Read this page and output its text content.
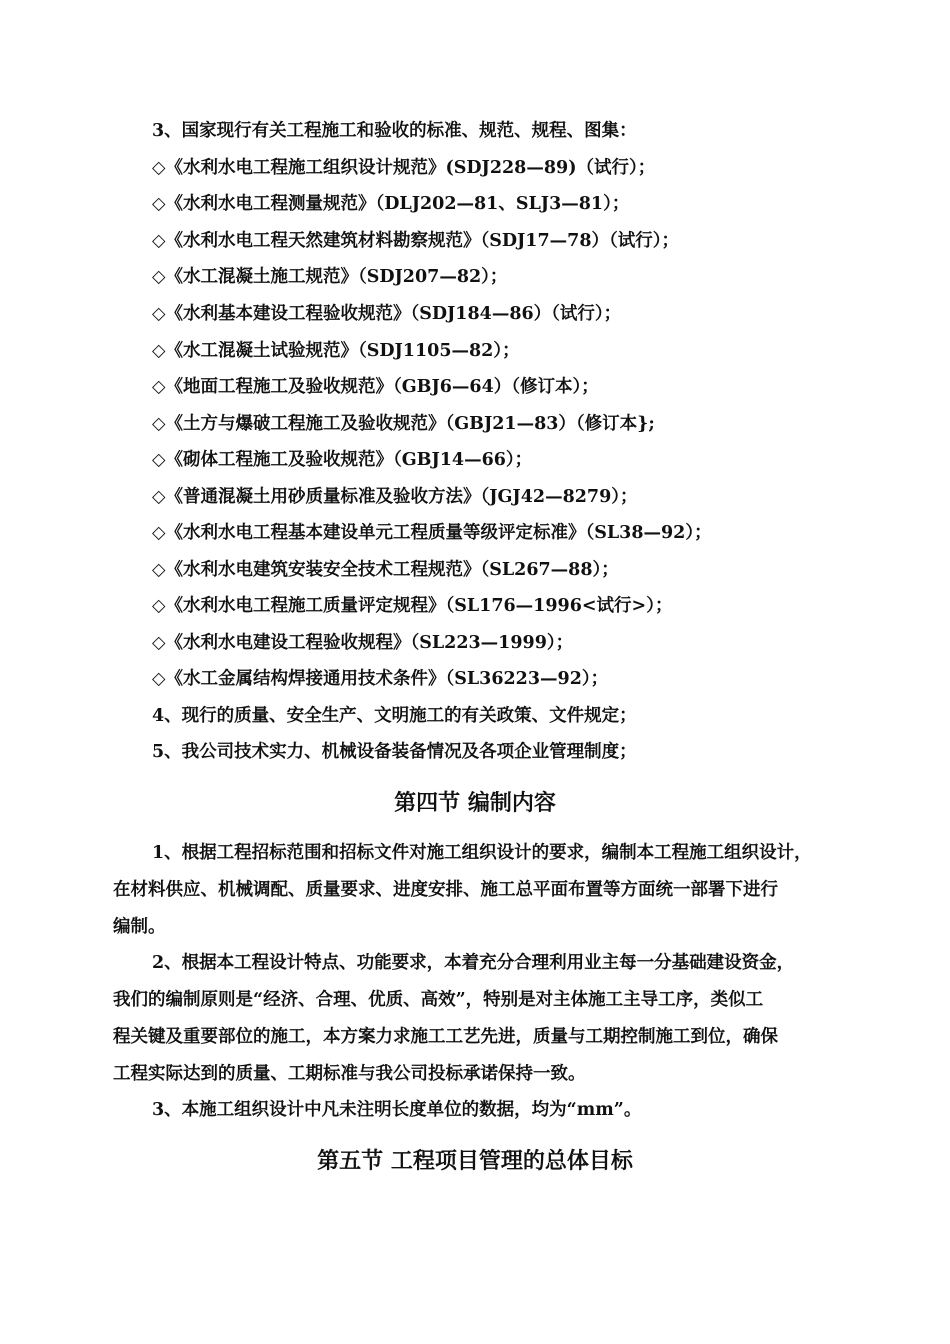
3、国家现行有关工程施工和验收的标准、规范、规程、图集：
◇《水利水电工程施工组织设计规范》(SDJ228—89)（试行）；
◇《水利水电工程测量规范》（DLJ202—81、SLJ3—81）；
◇《水利水电工程天然建筑材料勘察规范》（SDJ17—78）（试行）；
◇《水工混凝土施工规范》（SDJ207—82）；
◇《水利基本建设工程验收规范》（SDJ184—86）（试行）；
◇《水工混凝土试验规范》（SDJ1105—82）；
◇《地面工程施工及验收规范》（GBJ6—64）（修订本）；
◇《土方与爆破工程施工及验收规范》（GBJ21—83）（修订本};
◇《砌体工程施工及验收规范》（GBJ14—66）；
◇《普通混凝土用砂质量标准及验收方法》（JGJ42—8279）；
◇《水利水电工程基本建设单元工程质量等级评定标准》（SL38—92）；
◇《水利水电建筑安装安全技术工程规范》（SL267—88）；
◇《水利水电工程施工质量评定规程》（SL176—1996<试行>）；
◇《水利水电建设工程验收规程》（SL223—1999）；
◇《水工金属结构焊接通用技术条件》（SL36223—92）；
4、现行的质量、安全生产、文明施工的有关政策、文件规定；
5、我公司技术实力、机械设备装备情况及各项企业管理制度；
第四节 编制内容
1、根据工程招标范围和招标文件对施工组织设计的要求，编制本工程施工组织设计，
在材料供应、机械调配、质量要求、进度安排、施工总平面布置等方面统一部署下进行
编制。
2、根据本工程设计特点、功能要求，本着充分合理利用业主每一分基础建设资金，
我们的编制原则是“经济、合理、优质、高效”，特别是对主体施工主导工序，类似工
程关键及重要部位的施工，本方案力求施工工艺先进，质量与工期控制施工到位，确保
工程实际达到的质量、工期标准与我公司投标承诺保持一致。
3、本施工组织设计中凡未注明长度单位的数据，均为“mm”。
第五节 工程项目管理的总体目标
